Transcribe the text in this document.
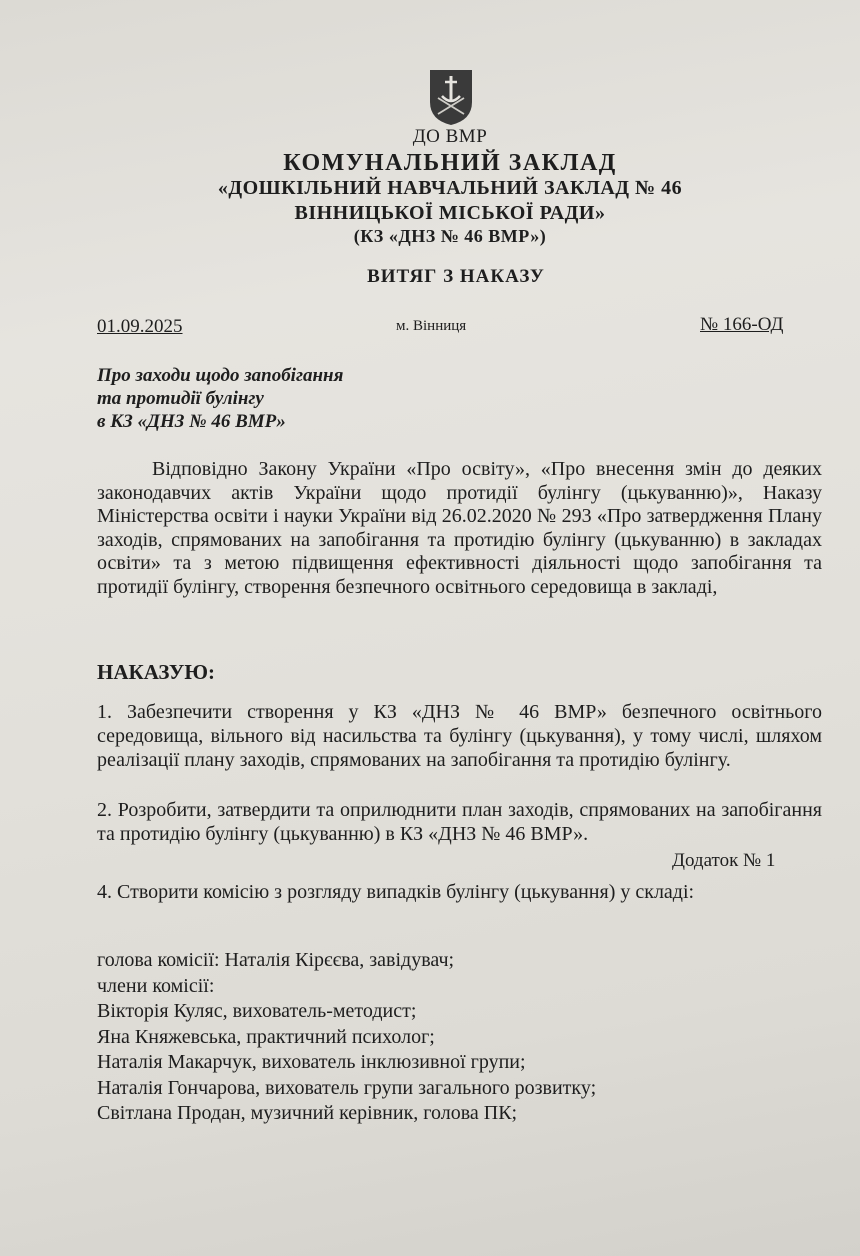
ДО ВМР
КОМУНАЛЬНИЙ ЗАКЛАД
«ДОШКІЛЬНИЙ НАВЧАЛЬНИЙ ЗАКЛАД № 46
ВІННИЦЬКОЇ МІСЬКОЇ РАДИ»
(КЗ «ДНЗ № 46 ВМР»)
ВИТЯГ З НАКАЗУ
01.09.2025	м. Вінниця	№ 166-ОД
Про заходи щодо запобігання
та протидії булінгу
в КЗ «ДНЗ № 46 ВМР»
Відповідно Закону України «Про освіту», «Про внесення змін до деяких законодавчих актів України щодо протидії булінгу (цькуванню)», Наказу Міністерства освіти і науки України від 26.02.2020 № 293 «Про затвердження Плану заходів, спрямованих на запобігання та протидію булінгу (цькуванню) в закладах освіти» та з метою підвищення ефективності діяльності щодо запобігання та протидії булінгу, створення безпечного освітнього середовища в закладі,
НАКАЗУЮ:
1. Забезпечити створення у КЗ «ДНЗ № 46 ВМР» безпечного освітнього середовища, вільного від насильства та булінгу (цькування), у тому числі, шляхом реалізації плану заходів, спрямованих на запобігання та протидію булінгу.
2. Розробити, затвердити та оприлюднити план заходів, спрямованих на запобігання та протидію булінгу (цькуванню) в КЗ «ДНЗ № 46 ВМР».
Додаток № 1
4. Створити комісію з розгляду випадків булінгу (цькування) у складі:
голова комісії: Наталія Кірєєва, завідувач;
члени комісії:
Вікторія Куляс, вихователь-методист;
Яна Княжевська, практичний психолог;
Наталія Макарчук, вихователь інклюзивної групи;
Наталія Гончарова, вихователь групи загального розвитку;
Світлана Продан, музичний керівник, голова ПК;
